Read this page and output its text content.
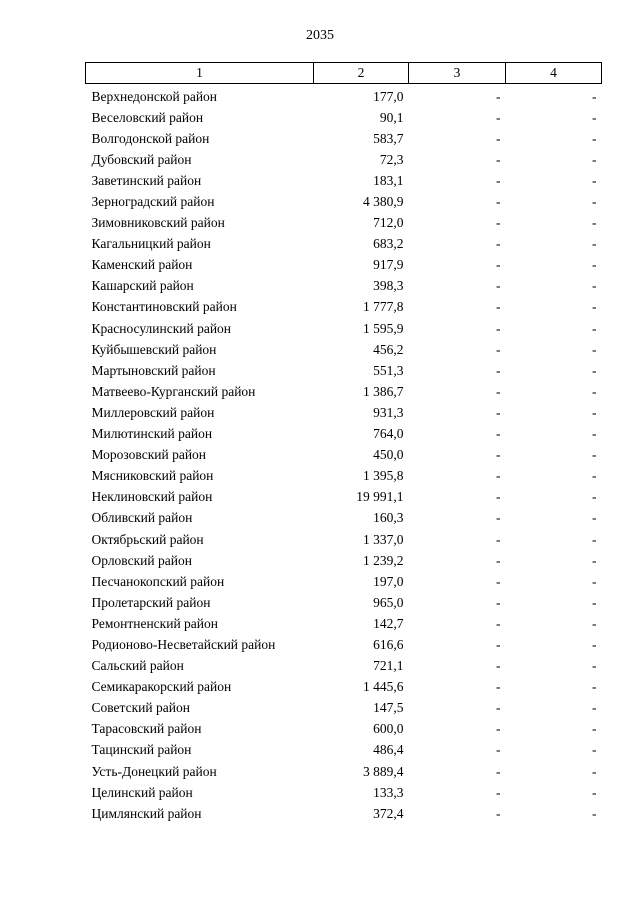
2035
1	2	3	4
Верхнедонской район	177,0	-	-
Веселовский район	90,1	-	-
Волгодонской район	583,7	-	-
Дубовский район	72,3	-	-
Заветинский район	183,1	-	-
Зерноградский район	4 380,9	-	-
Зимовниковский район	712,0	-	-
Кагальницкий район	683,2	-	-
Каменский район	917,9	-	-
Кашарский район	398,3	-	-
Константиновский район	1 777,8	-	-
Красносулинский район	1 595,9	-	-
Куйбышевский район	456,2	-	-
Мартыновский район	551,3	-	-
Матвеево-Курганский район	1 386,7	-	-
Миллеровский район	931,3	-	-
Милютинский район	764,0	-	-
Морозовский район	450,0	-	-
Мясниковский район	1 395,8	-	-
Неклиновский район	19 991,1	-	-
Обливский район	160,3	-	-
Октябрьский район	1 337,0	-	-
Орловский район	1 239,2	-	-
Песчанокопский район	197,0	-	-
Пролетарский район	965,0	-	-
Ремонтненский район	142,7	-	-
Родионово-Несветайский район	616,6	-	-
Сальский район	721,1	-	-
Семикаракорский район	1 445,6	-	-
Советский район	147,5	-	-
Тарасовский район	600,0	-	-
Тацинский район	486,4	-	-
Усть-Донецкий район	3 889,4	-	-
Целинский район	133,3	-	-
Цимлянский район	372,4	-	-
